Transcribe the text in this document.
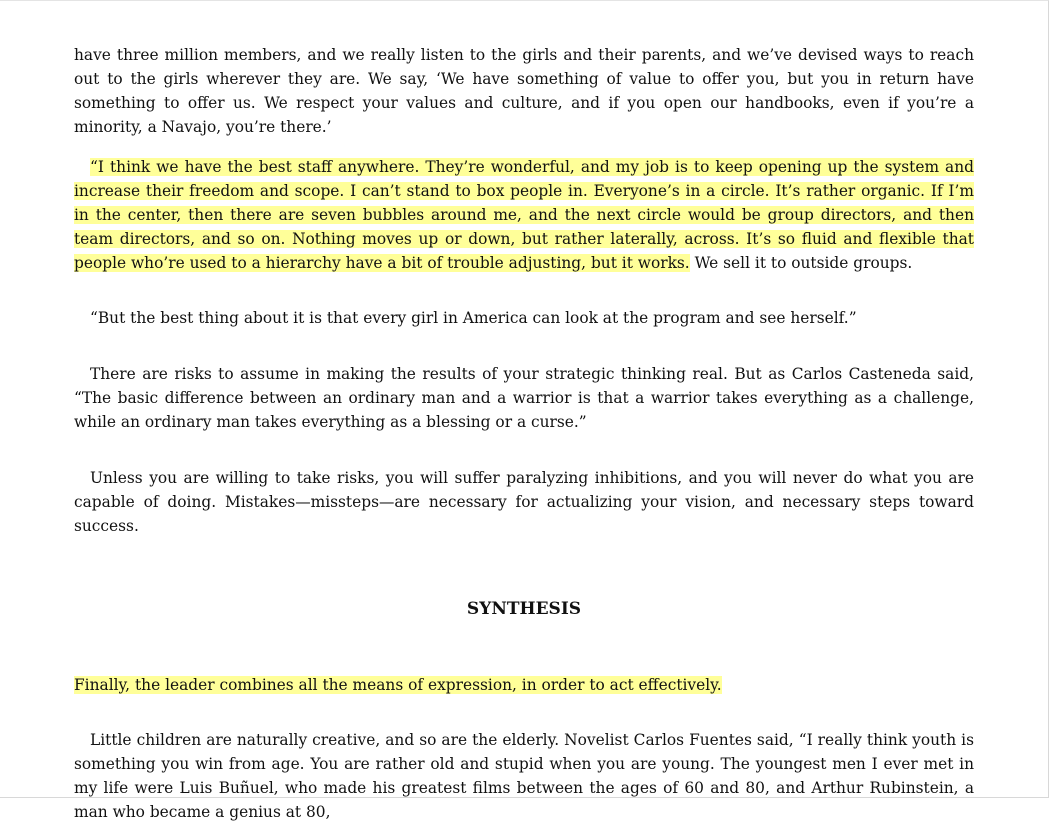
have three million members, and we really listen to the girls and their parents, and we’ve devised ways to reach out to the girls wherever they are. We say, ‘We have something of value to offer you, but you in return have something to offer us. We respect your values and culture, and if you open our handbooks, even if you’re a minority, a Navajo, you’re there.’

“I think we have the best staff anywhere. They’re wonderful, and my job is to keep opening up the system and increase their freedom and scope. I can’t stand to box people in. Everyone’s in a circle. It’s rather organic. If I’m in the center, then there are seven bubbles around me, and the next circle would be group directors, and then team directors, and so on. Nothing moves up or down, but rather laterally, across. It’s so fluid and flexible that people who’re used to a hierarchy have a bit of trouble adjusting, but it works. We sell it to outside groups.

“But the best thing about it is that every girl in America can look at the program and see herself.”

There are risks to assume in making the results of your strategic thinking real. But as Carlos Casteneda said, “The basic difference between an ordinary man and a warrior is that a warrior takes everything as a challenge, while an ordinary man takes everything as a blessing or a curse.”

Unless you are willing to take risks, you will suffer paralyzing inhibitions, and you will never do what you are capable of doing. Mistakes—missteps—are necessary for actualizing your vision, and necessary steps toward success.

SYNTHESIS

Finally, the leader combines all the means of expression, in order to act effectively.

Little children are naturally creative, and so are the elderly. Novelist Carlos Fuentes said, “I really think youth is something you win from age. You are rather old and stupid when you are young. The youngest men I ever met in my life were Luis Buñuel, who made his greatest films between the ages of 60 and 80, and Arthur Rubinstein, a man who became a genius at 80,
